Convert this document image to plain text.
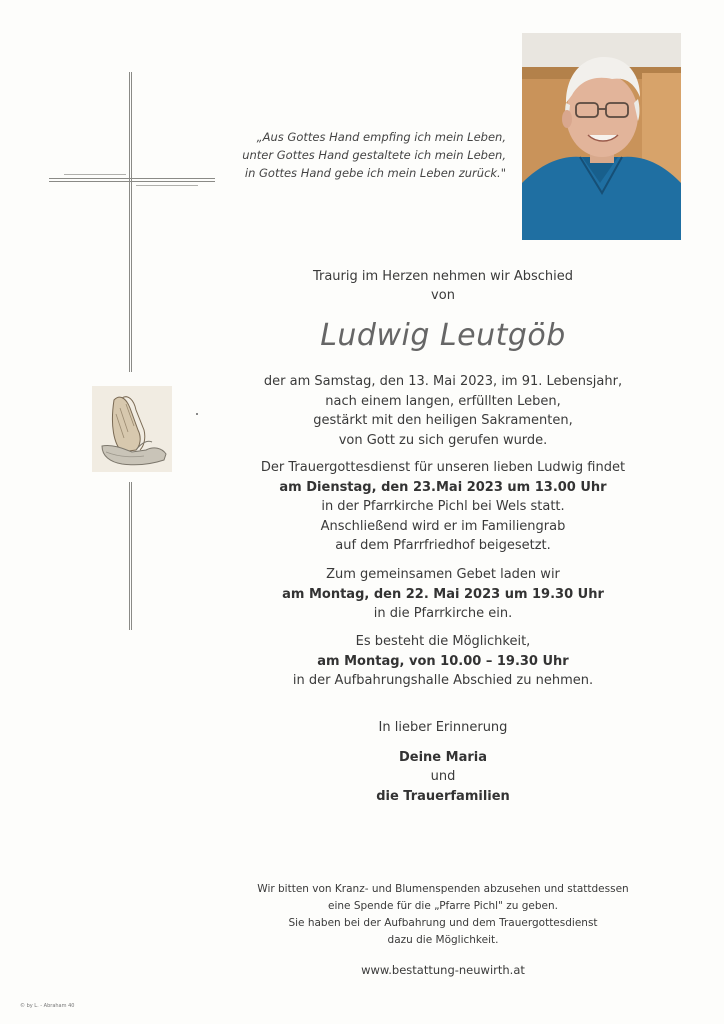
„Aus Gottes Hand empfing ich mein Leben,
unter Gottes Hand gestaltete ich mein Leben,
in Gottes Hand gebe ich mein Leben zurück."
Traurig im Herzen nehmen wir Abschied
von
Ludwig Leutgöb
der am Samstag, den 13. Mai 2023, im 91. Lebensjahr,
nach einem langen, erfüllten Leben,
gestärkt mit den heiligen Sakramenten,
von Gott zu sich gerufen wurde.
Der Trauergottesdienst für unseren lieben Ludwig findet
am Dienstag, den 23.Mai 2023 um 13.00 Uhr
in der Pfarrkirche Pichl bei Wels statt.
Anschließend wird er im Familiengrab
auf dem Pfarrfriedhof beigesetzt.
Zum gemeinsamen Gebet laden wir
am Montag, den 22. Mai 2023 um 19.30 Uhr
in die Pfarrkirche ein.
Es besteht die Möglichkeit,
am Montag, von 10.00 – 19.30 Uhr
in der Aufbahrungshalle Abschied zu nehmen.
In lieber Erinnerung
Deine Maria
und
die Trauerfamilien
Wir bitten von Kranz- und Blumenspenden abzusehen und stattdessen
eine Spende für die „Pfarre Pichl" zu geben.
Sie haben bei der Aufbahrung und dem Trauergottesdienst
dazu die Möglichkeit.
www.bestattung-neuwirth.at
© by L. - Abraham 40
